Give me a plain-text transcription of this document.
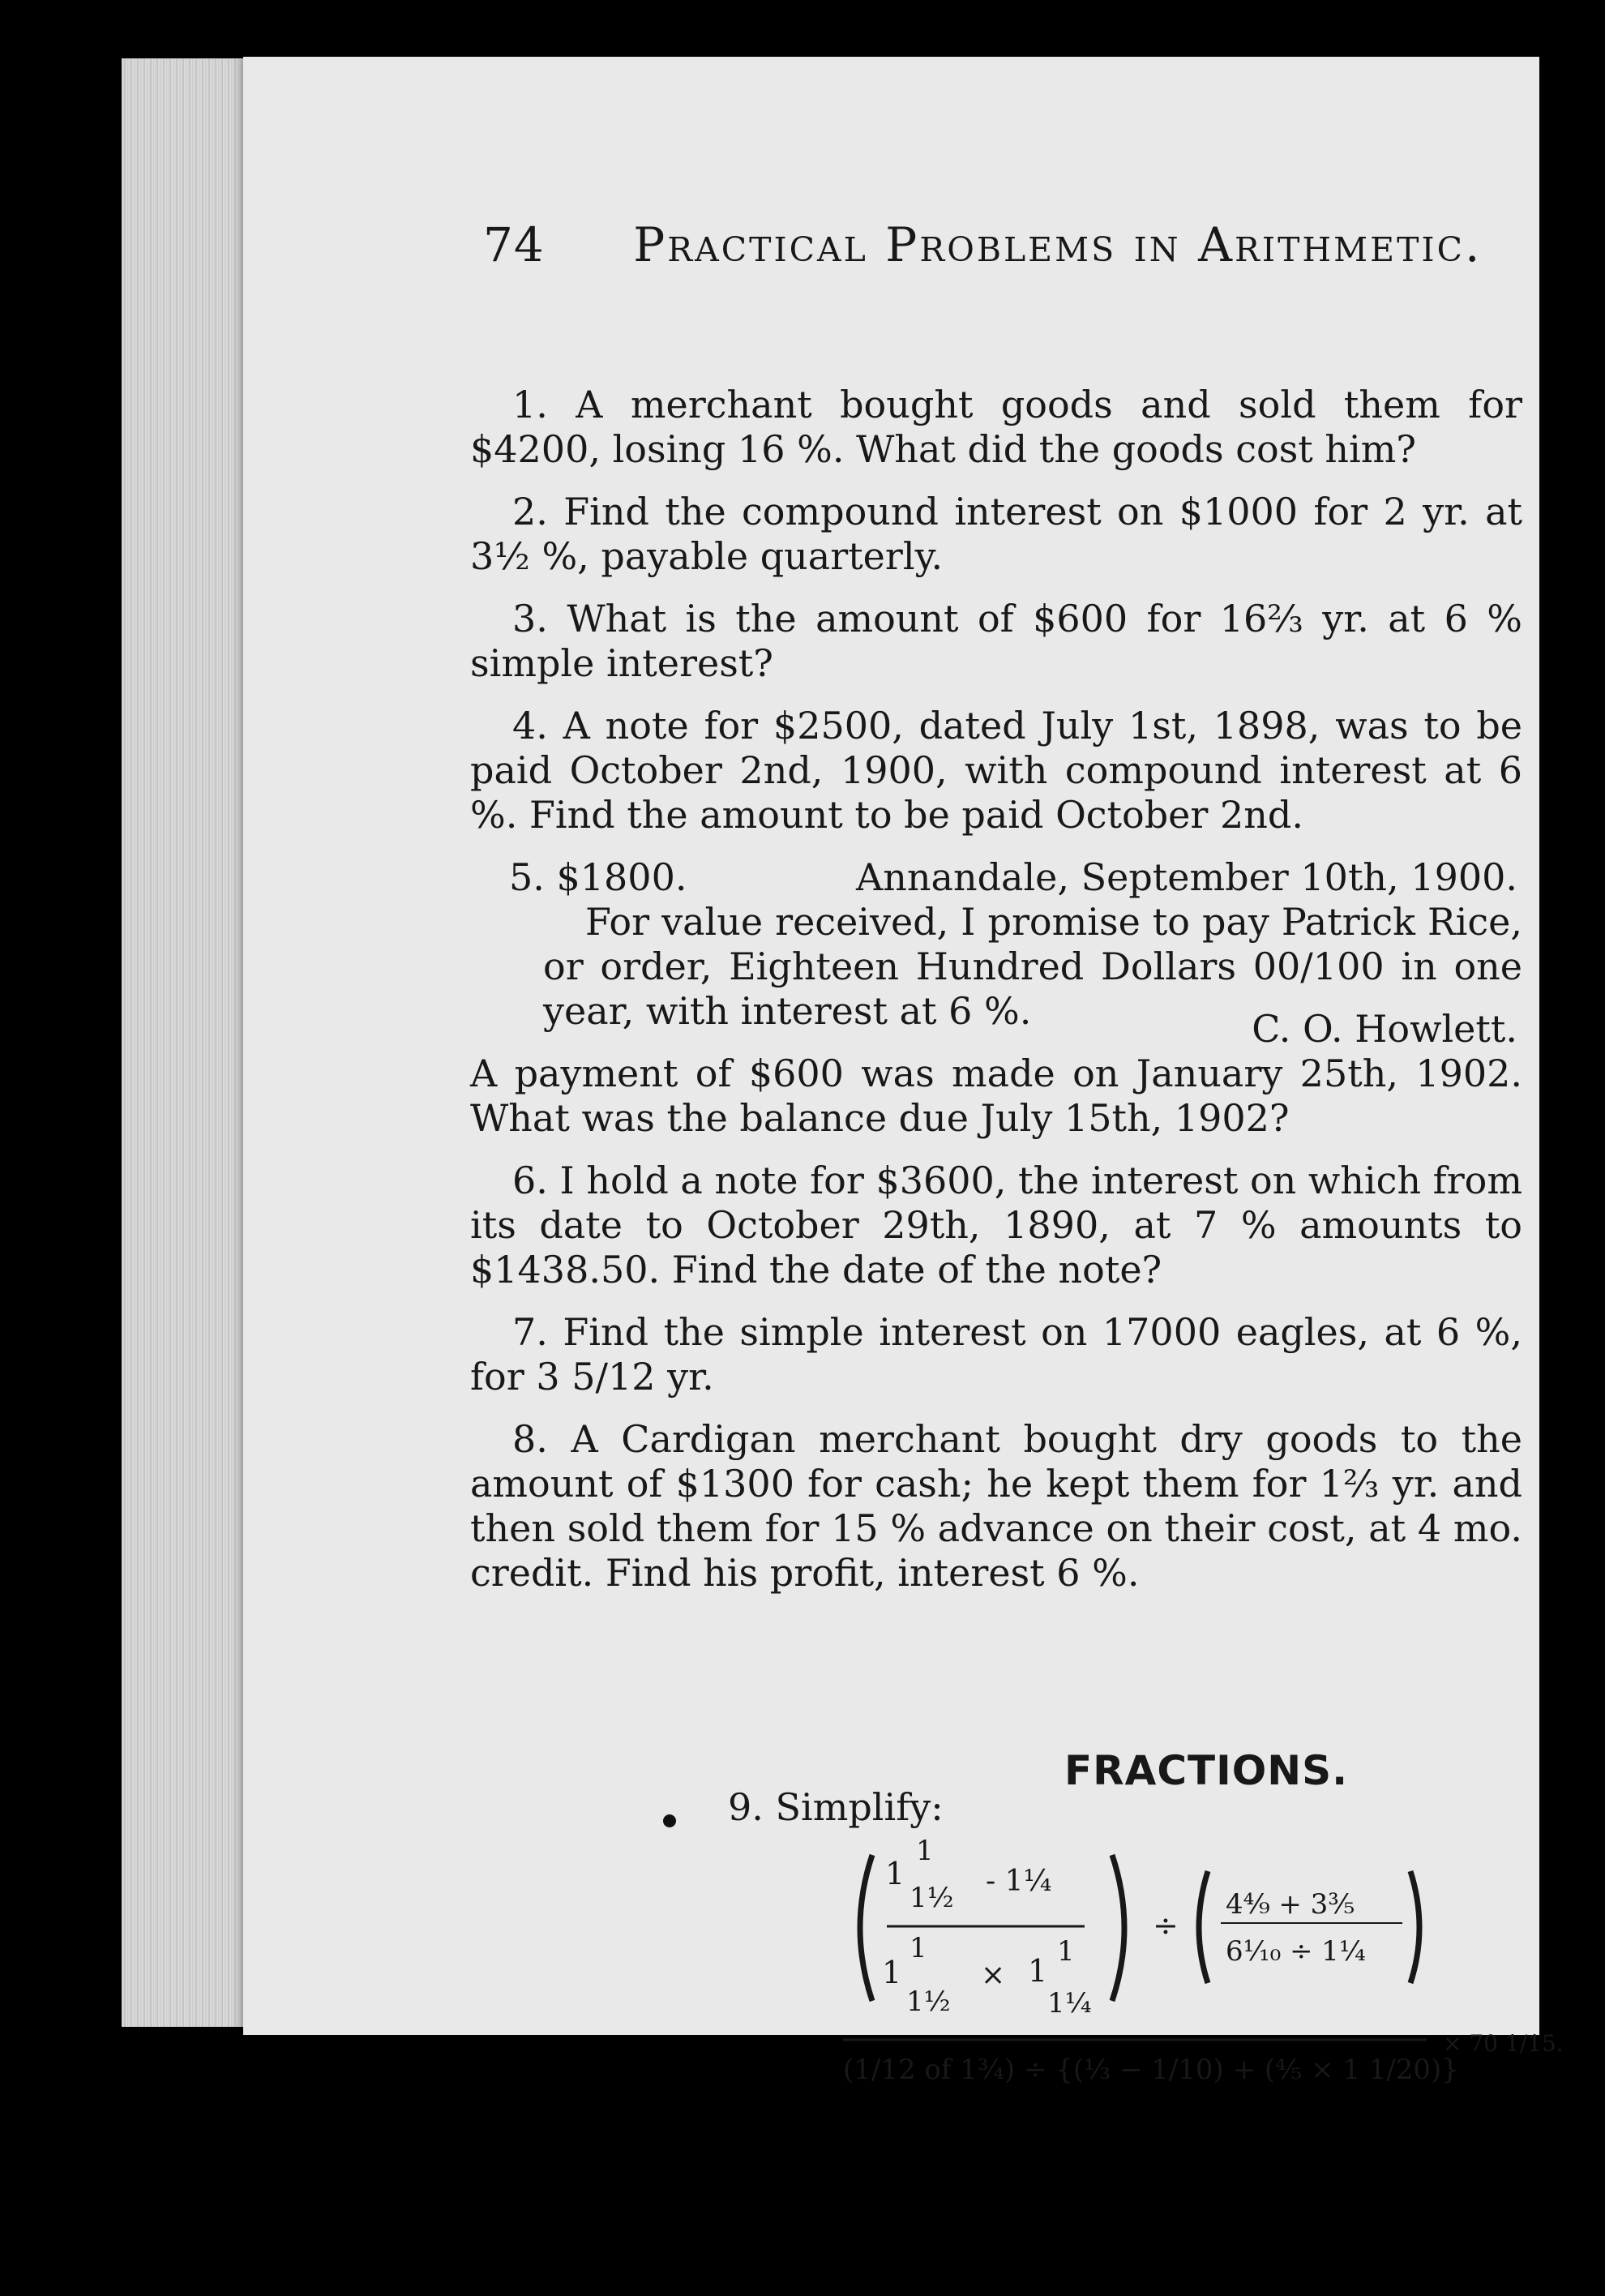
74 Practical Problems in Arithmetic.

1. A merchant bought goods and sold them for $4200, losing 16 %. What did the goods cost him?

2. Find the compound interest on $1000 for 2 yr. at 3½ %, payable quarterly.

3. What is the amount of $600 for 16⅔ yr. at 6 % simple interest?

4. A note for $2500, dated July 1st, 1898, was to be paid October 2nd, 1900, with compound interest at 6 %. Find the amount to be paid October 2nd.

5. $1800.	Annandale, September 10th, 1900.

For value received, I promise to pay Patrick Rice, or order, Eighteen Hundred Dollars 00/100 in one year, with interest at 6 %.	C. O. Howlett.

A payment of $600 was made on January 25th, 1902. What was the balance due July 15th, 1902?

6. I hold a note for $3600, the interest on which from its date to October 29th, 1890, at 7 % amounts to $1438.50. Find the date of the note?

7. Find the simple interest on 17000 eagles, at 6 %, for 3 5/12 yr.

8. A Cardigan merchant bought dry goods to the amount of $1300 for cash; he kept them for 1⅔ yr. and then sold them for 15 % advance on their cost, at 4 mo. credit. Find his profit, interest 6 %.

FRACTIONS.
9. Simplify:
1
1
1½ - 1¼
1
1
1½
× 1
1
1¼
÷
4⁴⁄₉ + 3³⁄₅
6¹⁄₁₀ ÷ 1¼
(1/12 of 1¾) ÷ {(⅓ − 1/10) + (⅘ × 1 1/20)}
× 70 1/15.
